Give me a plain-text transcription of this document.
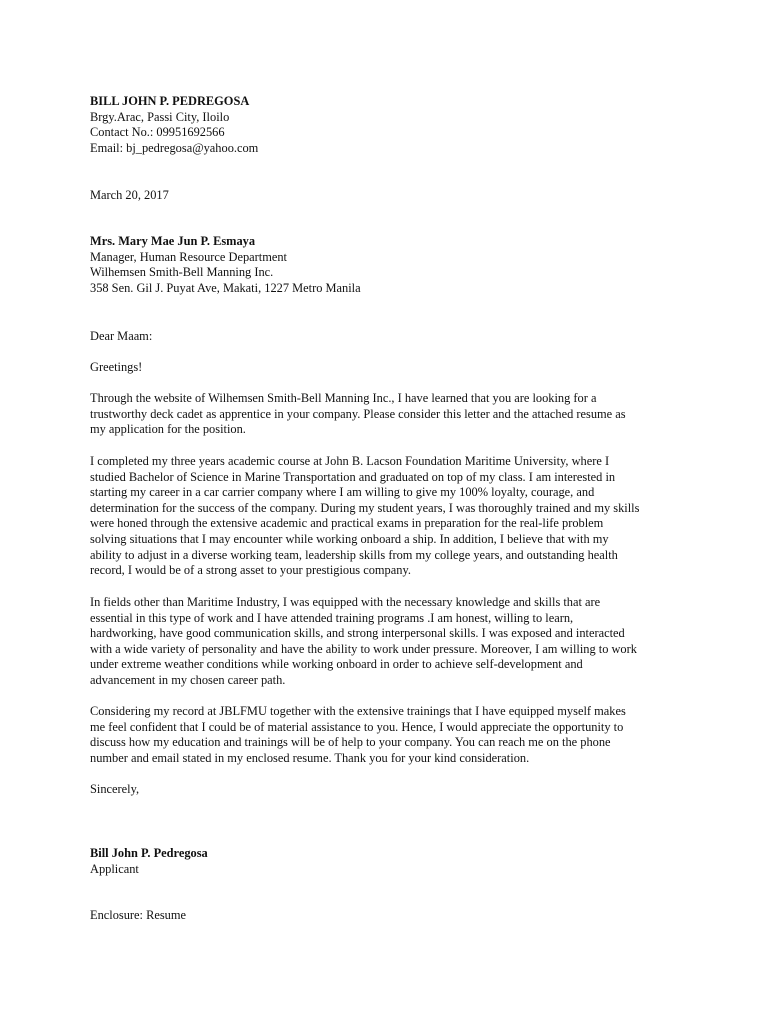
BILL JOHN P. PEDREGOSA
Brgy.Arac, Passi City, Iloilo
Contact No.: 09951692566
Email: bj_pedregosa@yahoo.com
March 20, 2017
Mrs. Mary Mae Jun P. Esmaya
Manager, Human Resource Department
Wilhemsen Smith-Bell Manning Inc.
358 Sen. Gil J. Puyat Ave, Makati, 1227 Metro Manila
Dear Maam:
Greetings!
Through the website of Wilhemsen Smith-Bell Manning Inc., I have learned that you are looking for a
trustworthy deck cadet as apprentice in your company. Please consider this letter and the attached resume as
my application for the position.
I completed my three years academic course at John B. Lacson Foundation Maritime University, where I
studied Bachelor of Science in Marine Transportation and graduated on top of my class. I am interested in
starting my career in a car carrier company where I am willing to give my 100% loyalty, courage, and
determination for the success of the company. During my student years, I was thoroughly trained and my skills
were honed through the extensive academic and practical exams in preparation for the real-life problem
solving situations that I may encounter while working onboard a ship. In addition, I believe that with my
ability to adjust in a diverse working team, leadership skills from my college years, and outstanding health
record, I would be of a strong asset to your prestigious company.
In fields other than Maritime Industry, I was equipped with the necessary knowledge and skills that are
essential in this type of work and I have attended training programs .I am honest, willing to learn,
hardworking, have good communication skills, and strong interpersonal skills. I was exposed and interacted
with a wide variety of personality and have the ability to work under pressure. Moreover, I am willing to work
under extreme weather conditions while working onboard in order to achieve self-development and
advancement in my chosen career path.
Considering my record at JBLFMU together with the extensive trainings that I have equipped myself makes
me feel confident that I could be of material assistance to you. Hence, I would appreciate the opportunity to
discuss how my education and trainings will be of help to your company. You can reach me on the phone
number and email stated in my enclosed resume. Thank you for your kind consideration.
Sincerely,
Bill John P. Pedregosa
Applicant
Enclosure: Resume
